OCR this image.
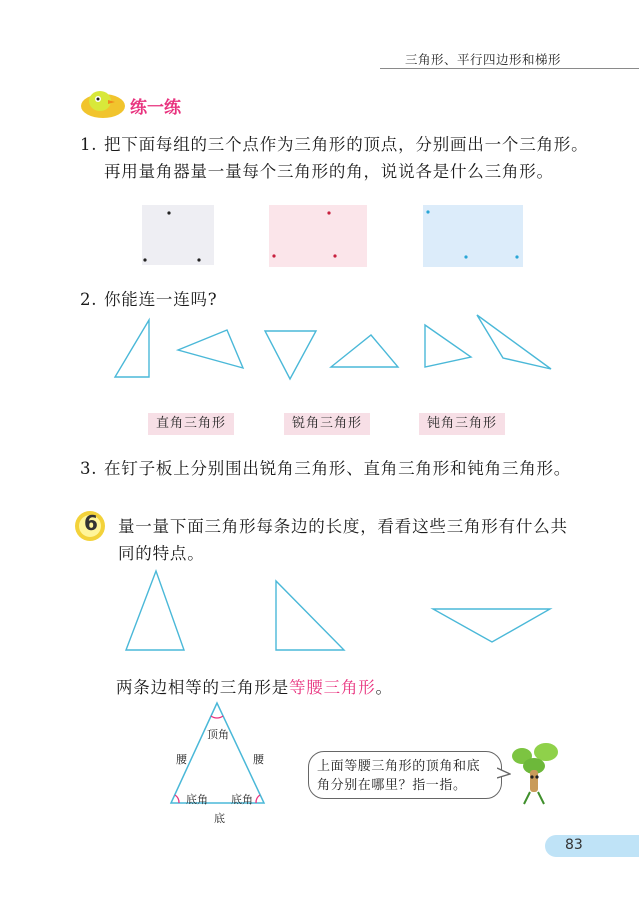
三角形、平行四边形和梯形
练一练
1. 把下面每组的三个点作为三角形的顶点，分别画出一个三角形。再用量角器量一量每个三角形的角，说说各是什么三角形。
2. 你能连一连吗?
直角三角形	锐角三角形	钝角三角形
3. 在钉子板上分别围出锐角三角形、直角三角形和钝角三角形。
6 量一量下面三角形每条边的长度，看看这些三角形有什么共同的特点。
两条边相等的三角形是等腰三角形。
顶角
腰	腰
底角 底角
底
上面等腰三角形的顶角和底角分别在哪里？指一指。
83
